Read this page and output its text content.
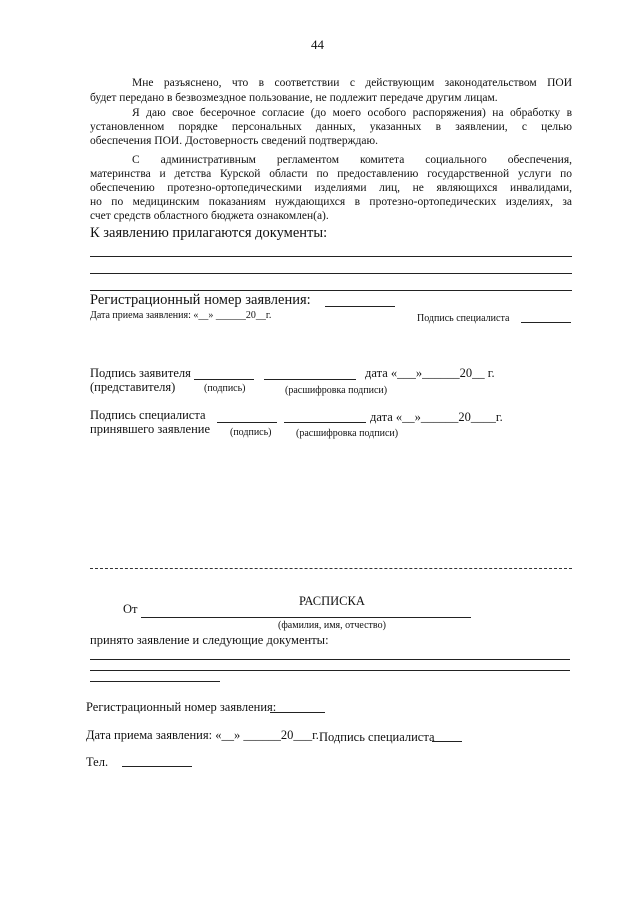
44
Мне разъяснено, что в соответствии с действующим законодательством ПОИ
будет передано в безвозмездное пользование, не подлежит передаче другим лицам.
Я даю свое бесерочное согласие (до моего особого распоряжения) на обработку в
установленном порядке персональных данных, указанных в заявлении, с целью
обеспечения ПОИ. Достоверность сведений подтверждаю.
С административным регламентом комитета социального обеспечения,
материнства и детства Курской области по предоставлению государственной услуги по
обеспечению протезно-ортопедическими изделиями лиц, не являющихся инвалидами,
но по медицинским показаниям нуждающихся в протезно-ортопедических изделиях, за
счет средств областного бюджета ознакомлен(а).
К заявлению прилагаются документы:
Регистрационный номер заявления:
Дата приема заявления: «__» ______20__г.	Подпись специалиста
Подпись заявителя	дата «___»______20__ г.
(представителя)	(подпись)	(расшифровка подписи)
Подпись специалиста	дата «__»______20____г.
принявшего заявление (подпись) (расшифровка подписи)
РАСПИСКА
От
(фамилия, имя, отчество)
принято заявление и следующие документы:
Регистрационный номер заявления:
Дата приема заявления: «__» ______20___г. Подпись специалиста
Тел.
